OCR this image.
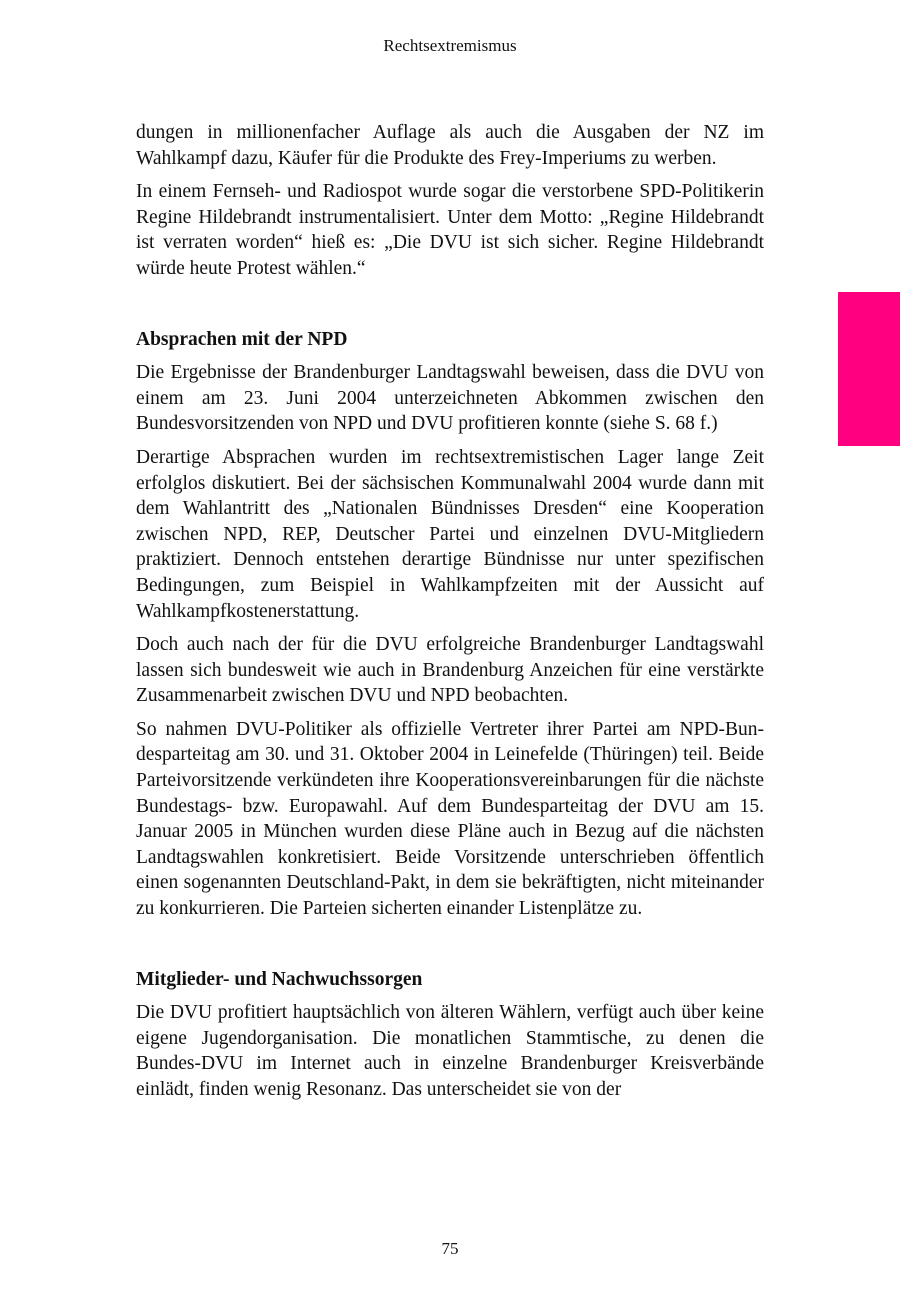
Rechtsextremismus

dungen in millionenfacher Auflage als auch die Ausgaben der NZ im Wahlkampf dazu, Käufer für die Produkte des Frey-Imperiums zu werben.

In einem Fernseh- und Radiospot wurde sogar die verstorbene SPD-Politikerin Regine Hildebrandt instrumentalisiert. Unter dem Motto: „Regine Hildebrandt ist verraten worden“ hieß es: „Die DVU ist sich sicher. Regine Hildebrandt würde heute Protest wählen.“

Absprachen mit der NPD

Die Ergebnisse der Brandenburger Landtagswahl beweisen, dass die DVU von einem am 23. Juni 2004 unterzeichneten Abkommen zwischen den Bundesvorsitzenden von NPD und DVU profitieren konnte (siehe S. 68 f.)

Derartige Absprachen wurden im rechtsextremistischen Lager lange Zeit erfolglos diskutiert. Bei der sächsischen Kommunalwahl 2004 wurde dann mit dem Wahlantritt des „Nationalen Bündnisses Dresden“ eine Kooperation zwischen NPD, REP, Deutscher Partei und einzelnen DVU-Mitgliedern praktiziert. Dennoch entstehen derartige Bündnisse nur unter spezifischen Bedingungen, zum Beispiel in Wahlkampfzeiten mit der Aussicht auf Wahlkampfkostenerstattung.

Doch auch nach der für die DVU erfolgreiche Brandenburger Landtagswahl lassen sich bundesweit wie auch in Brandenburg Anzeichen für eine verstärkte Zusammenarbeit zwischen DVU und NPD beobachten.

So nahmen DVU-Politiker als offizielle Vertreter ihrer Partei am NPD-Bundesparteitag am 30. und 31. Oktober 2004 in Leinefelde (Thüringen) teil. Beide Parteivorsitzende verkündeten ihre Kooperationsvereinbarungen für die nächste Bundestags- bzw. Europawahl. Auf dem Bundesparteitag der DVU am 15. Januar 2005 in München wurden diese Pläne auch in Bezug auf die nächsten Landtagswahlen konkretisiert. Beide Vorsitzende unterschrieben öffentlich einen sogenannten Deutschland-Pakt, in dem sie bekräftigten, nicht miteinander zu konkurrieren. Die Parteien sicherten einander Listenplätze zu.

Mitglieder- und Nachwuchssorgen

Die DVU profitiert hauptsächlich von älteren Wählern, verfügt auch über keine eigene Jugendorganisation. Die monatlichen Stammtische, zu denen die Bundes-DVU im Internet auch in einzelne Brandenburger Kreisverbände einlädt, finden wenig Resonanz. Das unterscheidet sie von der

75
